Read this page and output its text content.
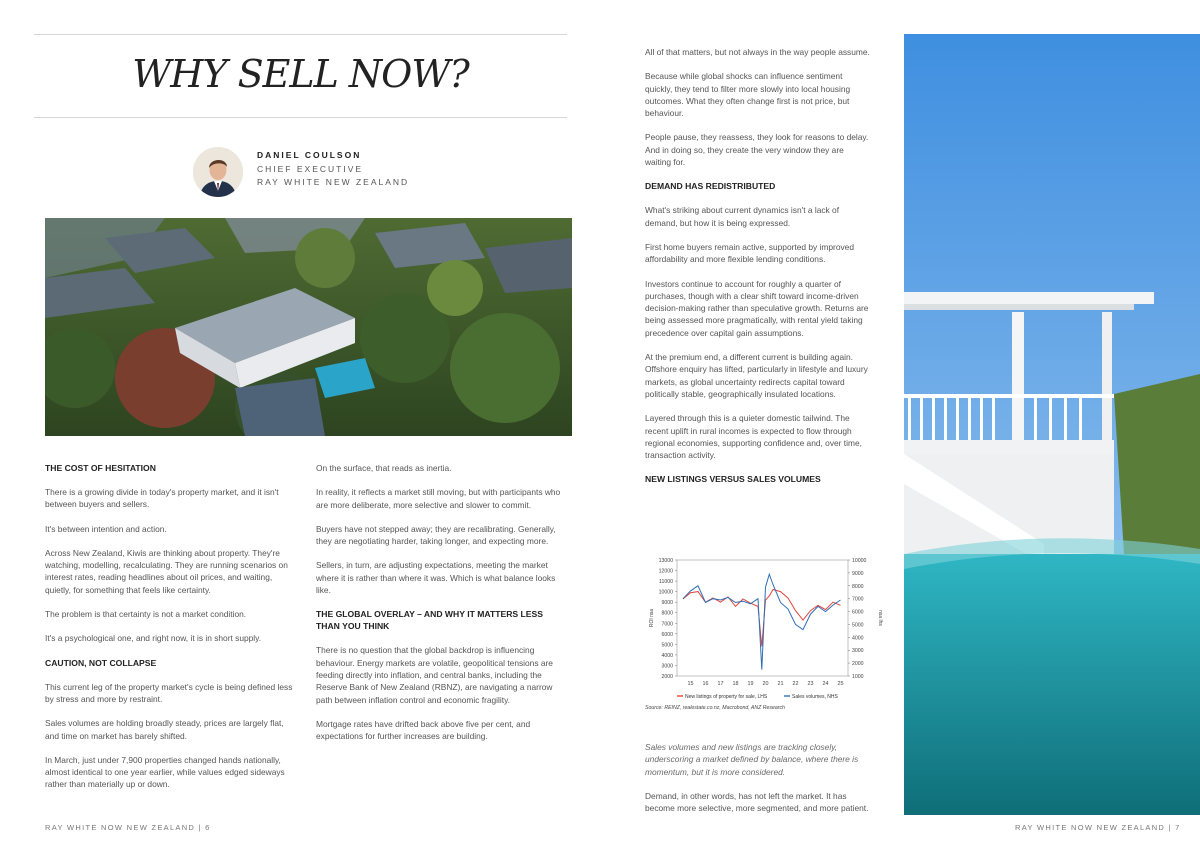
WHY SELL NOW?
DANIEL COULSON
CHIEF EXECUTIVE
RAY WHITE NEW ZEALAND
THE COST OF HESITATION

There is a growing divide in today's property market, and it isn't between buyers and sellers.

It's between intention and action.

Across New Zealand, Kiwis are thinking about property. They're watching, modelling, recalculating. They are running scenarios on interest rates, reading headlines about oil prices, and waiting, quietly, for something that feels like certainty.

The problem is that certainty is not a market condition.

It's a psychological one, and right now, it is in short supply.

CAUTION, NOT COLLAPSE

This current leg of the property market's cycle is being defined less by stress and more by restraint.

Sales volumes are holding broadly steady, prices are largely flat, and time on market has barely shifted.

In March, just under 7,900 properties changed hands nationally, almost identical to one year earlier, while values edged sideways rather than materially up or down.

On the surface, that reads as inertia.

In reality, it reflects a market still moving, but with participants who are more deliberate, more selective and slower to commit.

Buyers have not stepped away; they are recalibrating. Generally, they are negotiating harder, taking longer, and expecting more.

Sellers, in turn, are adjusting expectations, meeting the market where it is rather than where it was. Which is what balance looks like.

THE GLOBAL OVERLAY – AND WHY IT MATTERS LESS THAN YOU THINK

There is no question that the global backdrop is influencing behaviour. Energy markets are volatile, geopolitical tensions are feeding directly into inflation, and central banks, including the Reserve Bank of New Zealand (RBNZ), are navigating a narrow path between inflation control and economic fragility.

Mortgage rates have drifted back above five per cent, and expectations for further increases are building.

All of that matters, but not always in the way people assume.

Because while global shocks can influence sentiment quickly, they tend to filter more slowly into local housing outcomes. What they often change first is not price, but behaviour.

People pause, they reassess, they look for reasons to delay. And in doing so, they create the very window they are waiting for.

DEMAND HAS REDISTRIBUTED

What's striking about current dynamics isn't a lack of demand, but how it is being expressed.

First home buyers remain active, supported by improved affordability and more flexible lending conditions.

Investors continue to account for roughly a quarter of purchases, though with a clear shift toward income-driven decision-making rather than speculative growth. Returns are being assessed more pragmatically, with rental yield taking precedence over capital gain assumptions.

At the premium end, a different current is building again. Offshore enquiry has lifted, particularly in lifestyle and luxury markets, as global uncertainty redirects capital toward politically stable, geographically insulated locations.

Layered through this is a quieter domestic tailwind. The recent uplift in rural incomes is expected to flow through regional economies, supporting confidence and, over time, transaction activity.

NEW LISTINGS VERSUS SALES VOLUMES
13000
12000
11000
10000
9000
8000
7000
6000
5000
4000
3000
2000
10000
9000
8000
7000
6000
5000
4000
3000
2000
1000
15 16 17 18 19 20 21 22 23 24 25
ROI nsa	nsa lhs
New listings of property for sale, LHS	Sales volumes, NHS
Source: REINZ, realestate.co.nz, Macrobond, ANZ Research

Sales volumes and new listings are tracking closely, underscoring a market defined by balance, where there is momentum, but it is more considered.

Demand, in other words, has not left the market. It has become more selective, more segmented, and more patient.

RAY WHITE NOW NEW ZEALAND | 6	RAY WHITE NOW NEW ZEALAND | 7
